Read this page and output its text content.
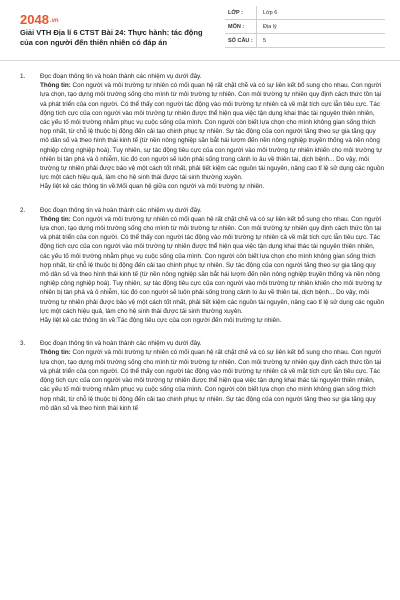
2048.vn
Giải VTH Địa lí 6 CTST Bài 24: Thực hành: tác động của con người đến thiên nhiên có đáp án
LỚP :	Lớp 6
MÔN :	Địa lý
SỐ CÂU :	5
1. Đọc đoạn thông tin và hoàn thành các nhiệm vụ dưới đây.

Thông tin: Con người và môi trường tự nhiên có mối quan hệ rất chặt chẽ và có sự liên kết bổ sung cho nhau. Con người lựa chọn, tạo dựng môi trường sống cho mình từ môi trường tự nhiên. Con môi trường tự nhiên quy định cách thức tồn tại và phát triển của con người. Có thể thấy con người tác động vào môi trường tự nhiên cả về mặt tích cực lẫn tiêu cực. Tác động tích cực của con người vào môi trường tự nhiên được thể hiện qua việc tận dụng khai thác tài nguyên thiên nhiên, các yếu tố môi trường nhằm phục vụ cuộc sống của mình. Con người còn biết lựa chọn cho mình không gian sống thích hợp nhất, từ chỗ lệ thuộc bị động đến cải tạo chinh phục tự nhiên. Sự tác động của con người tăng theo sự gia tăng quy mô dân số và theo hình thái kinh tế (từ nền nông nghiệp săn bắt hái lượm đến nền nông nghiệp truyền thống và nền nông nghiệp công nghiệp hoá). Tuy nhiên, sự tác động tiêu cực của con người vào môi trường tự nhiên khiến cho môi trường tự nhiên bị tàn phá và ô nhiễm, lúc đó con người sẽ luôn phải sống trong cảnh lo âu về thiên tai, dịch bệnh... Do vậy, môi trường tự nhiên phải được bảo vệ một cách tốt nhất, phải tiết kiệm các nguồn tài nguyên, nâng cao tỉ lệ sử dụng các nguồn lực một cách hiệu quả, làm cho hệ sinh thái được tái sinh thường xuyên.

Hãy liệt kê các thông tin về:Mối quan hệ giữa con người và môi trường tự nhiên.

2. Đọc đoạn thông tin và hoàn thành các nhiệm vụ dưới đây.

Thông tin: Con người và môi trường tự nhiên có mối quan hệ rất chặt chẽ và có sự liên kết bổ sung cho nhau. Con người lựa chọn, tạo dựng môi trường sống cho mình từ môi trường tự nhiên. Con môi trường tự nhiên quy định cách thức tồn tại và phát triển của con người. Có thể thấy con người tác động vào môi trường tự nhiên cả về mặt tích cực lẫn tiêu cực. Tác động tích cực của con người vào môi trường tự nhiên được thể hiện qua việc tận dụng khai thác tài nguyên thiên nhiên, các yếu tố môi trường nhằm phục vụ cuộc sống của mình. Con người còn biết lựa chọn cho mình không gian sống thích hợp nhất, từ chỗ lệ thuộc bị động đến cải tạo chinh phục tự nhiên. Sự tác động của con người tăng theo sự gia tăng quy mô dân số và theo hình thái kinh tế (từ nền nông nghiệp săn bắt hái lượm đến nền nông nghiệp truyền thống và nền nông nghiệp công nghiệp hoá). Tuy nhiên, sự tác động tiêu cực của con người vào môi trường tự nhiên khiến cho môi trường tự nhiên bị tàn phá và ô nhiễm, lúc đó con người sẽ luôn phải sống trong cảnh lo âu về thiên tai, dịch bệnh... Do vậy, môi trường tự nhiên phải được bảo vệ một cách tốt nhất, phải tiết kiệm các nguồn tài nguyên, nâng cao tỉ lệ sử dụng các nguồn lực một cách hiệu quả, làm cho hệ sinh thái được tái sinh thường xuyên.

Hãy liệt kê các thông tin về:Tác động tiêu cực của con người đến môi trường tự nhiên.

3. Đọc đoạn thông tin và hoàn thành các nhiệm vụ dưới đây.

Thông tin: Con người và môi trường tự nhiên có mối quan hệ rất chặt chẽ và có sự liên kết bổ sung cho nhau. Con người lựa chọn, tạo dựng môi trường sống cho mình từ môi trường tự nhiên. Con môi trường tự nhiên quy định cách thức tồn tại và phát triển của con người. Có thể thấy con người tác động vào môi trường tự nhiên cả về mặt tích cực lẫn tiêu cực. Tác động tích cực của con người vào môi trường tự nhiên được thể hiện qua việc tận dụng khai thác tài nguyên thiên nhiên, các yếu tố môi trường nhằm phục vụ cuộc sống của mình. Con người còn biết lựa chọn cho mình không gian sống thích hợp nhất, từ chỗ lệ thuộc bị động đến cải tạo chinh phục tự nhiên. Sự tác động của con người tăng theo sự gia tăng quy mô dân số và theo hình thái kinh tế
